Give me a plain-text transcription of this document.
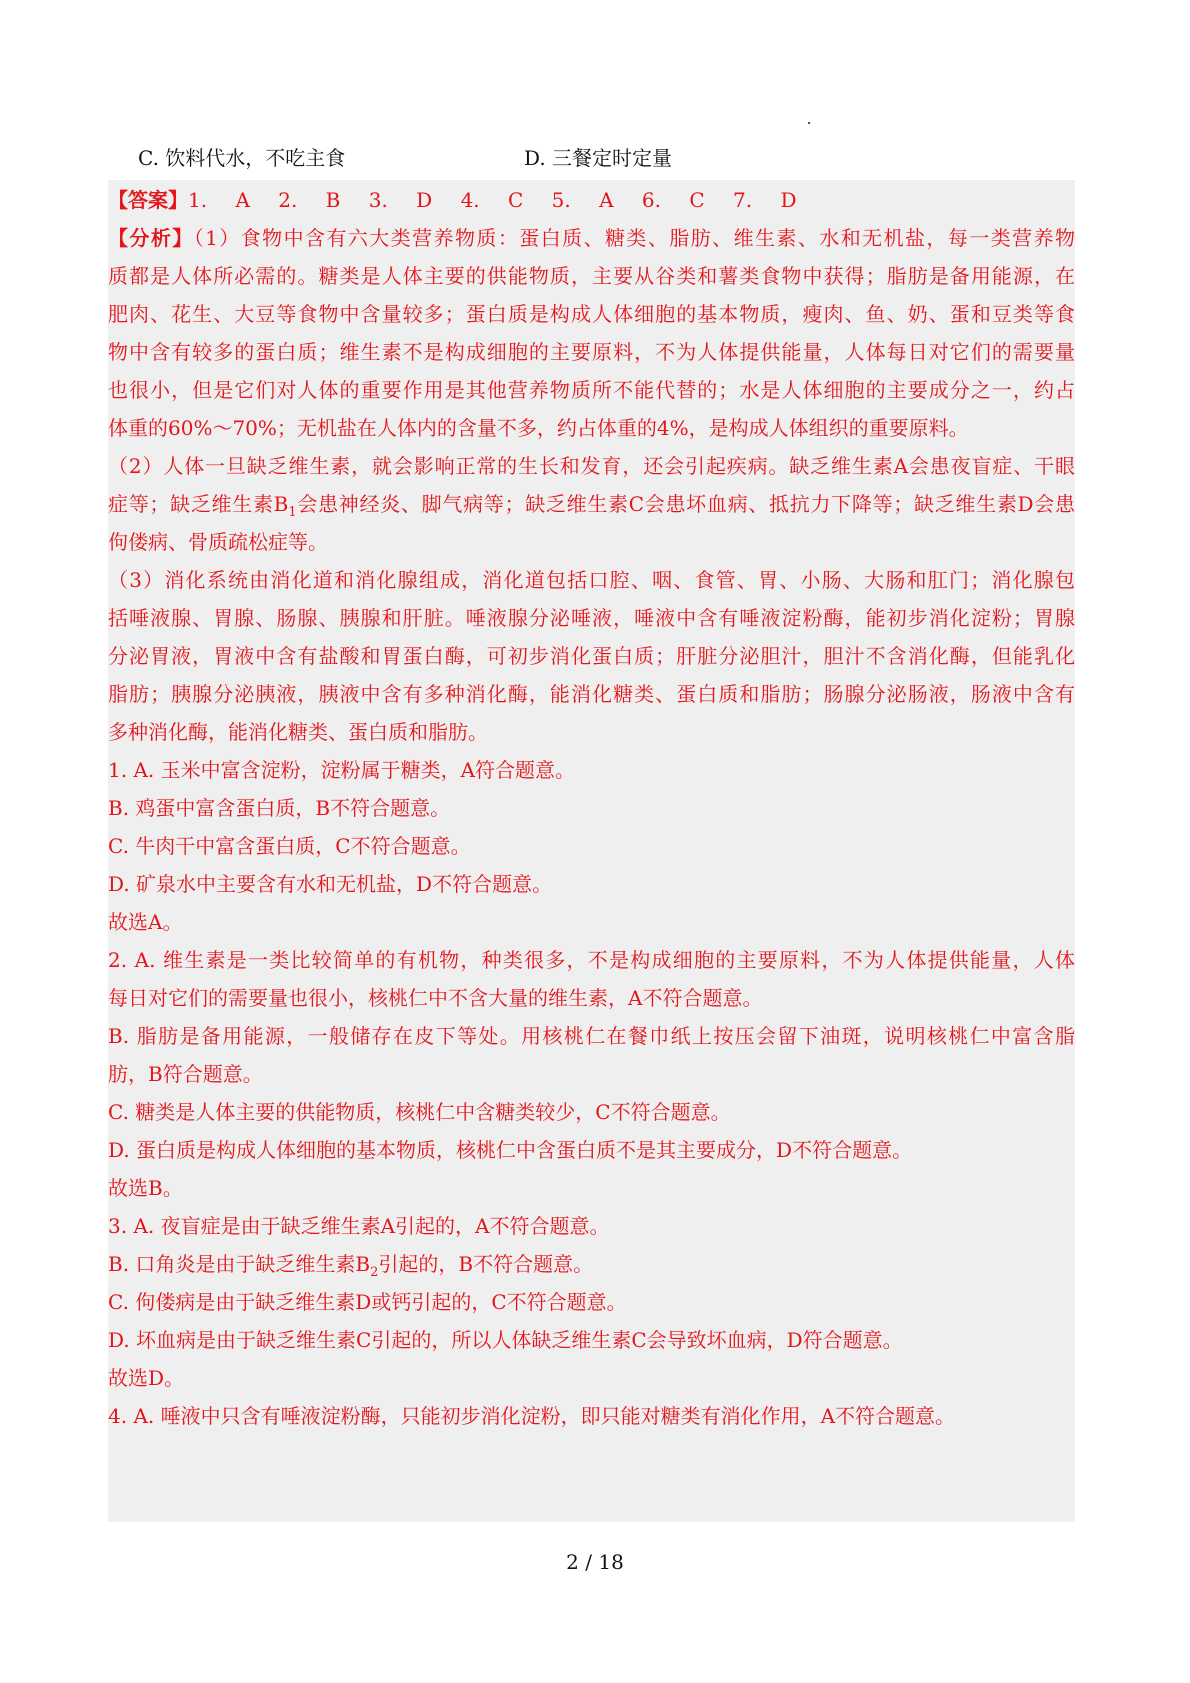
C. 饮料代水，不吃主食	D. 三餐定时定量
【答案】1. A 2. B 3. D 4. C 5. A 6. C 7. D
【分析】（1）食物中含有六大类营养物质：蛋白质、糖类、脂肪、维生素、水和无机盐，每一类营养物
质都是人体所必需的。糖类是人体主要的供能物质，主要从谷类和薯类食物中获得；脂肪是备用能源，在
肥肉、花生、大豆等食物中含量较多；蛋白质是构成人体细胞的基本物质，瘦肉、鱼、奶、蛋和豆类等食
物中含有较多的蛋白质；维生素不是构成细胞的主要原料，不为人体提供能量，人体每日对它们的需要量
也很小，但是它们对人体的重要作用是其他营养物质所不能代替的；水是人体细胞的主要成分之一，约占
体重的60%～70%；无机盐在人体内的含量不多，约占体重的4%，是构成人体组织的重要原料。
（2）人体一旦缺乏维生素，就会影响正常的生长和发育，还会引起疾病。缺乏维生素A会患夜盲症、干眼
症等；缺乏维生素$B_1$会患神经炎、脚气病等；缺乏维生素C会患坏血病、抵抗力下降等；缺乏维生素D会患
佝偻病、骨质疏松症等。
（3）消化系统由消化道和消化腺组成，消化道包括口腔、咽、食管、胃、小肠、大肠和肛门；消化腺包
括唾液腺、胃腺、肠腺、胰腺和肝脏。唾液腺分泌唾液，唾液中含有唾液淀粉酶，能初步消化淀粉；胃腺
分泌胃液，胃液中含有盐酸和胃蛋白酶，可初步消化蛋白质；肝脏分泌胆汁，胆汁不含消化酶，但能乳化
脂肪；胰腺分泌胰液，胰液中含有多种消化酶，能消化糖类、蛋白质和脂肪；肠腺分泌肠液，肠液中含有
多种消化酶，能消化糖类、蛋白质和脂肪。
1. A. 玉米中富含淀粉，淀粉属于糖类，A符合题意。
B. 鸡蛋中富含蛋白质，B不符合题意。
C. 牛肉干中富含蛋白质，C不符合题意。
D. 矿泉水中主要含有水和无机盐，D不符合题意。
故选A。
2. A. 维生素是一类比较简单的有机物，种类很多，不是构成细胞的主要原料，不为人体提供能量，人体
每日对它们的需要量也很小，核桃仁中不含大量的维生素，A不符合题意。
B. 脂肪是备用能源，一般储存在皮下等处。用核桃仁在餐巾纸上按压会留下油斑，说明核桃仁中富含脂
肪，B符合题意。
C. 糖类是人体主要的供能物质，核桃仁中含糖类较少，C不符合题意。
D. 蛋白质是构成人体细胞的基本物质，核桃仁中含蛋白质不是其主要成分，D不符合题意。
故选B。
3. A. 夜盲症是由于缺乏维生素A引起的，A不符合题意。
B. 口角炎是由于缺乏维生素$B_2$引起的，B不符合题意。
C. 佝偻病是由于缺乏维生素D或钙引起的，C不符合题意。
D. 坏血病是由于缺乏维生素C引起的，所以人体缺乏维生素C会导致坏血病，D符合题意。
故选D。
4. A. 唾液中只含有唾液淀粉酶，只能初步消化淀粉，即只能对糖类有消化作用，A不符合题意。
2 / 18
